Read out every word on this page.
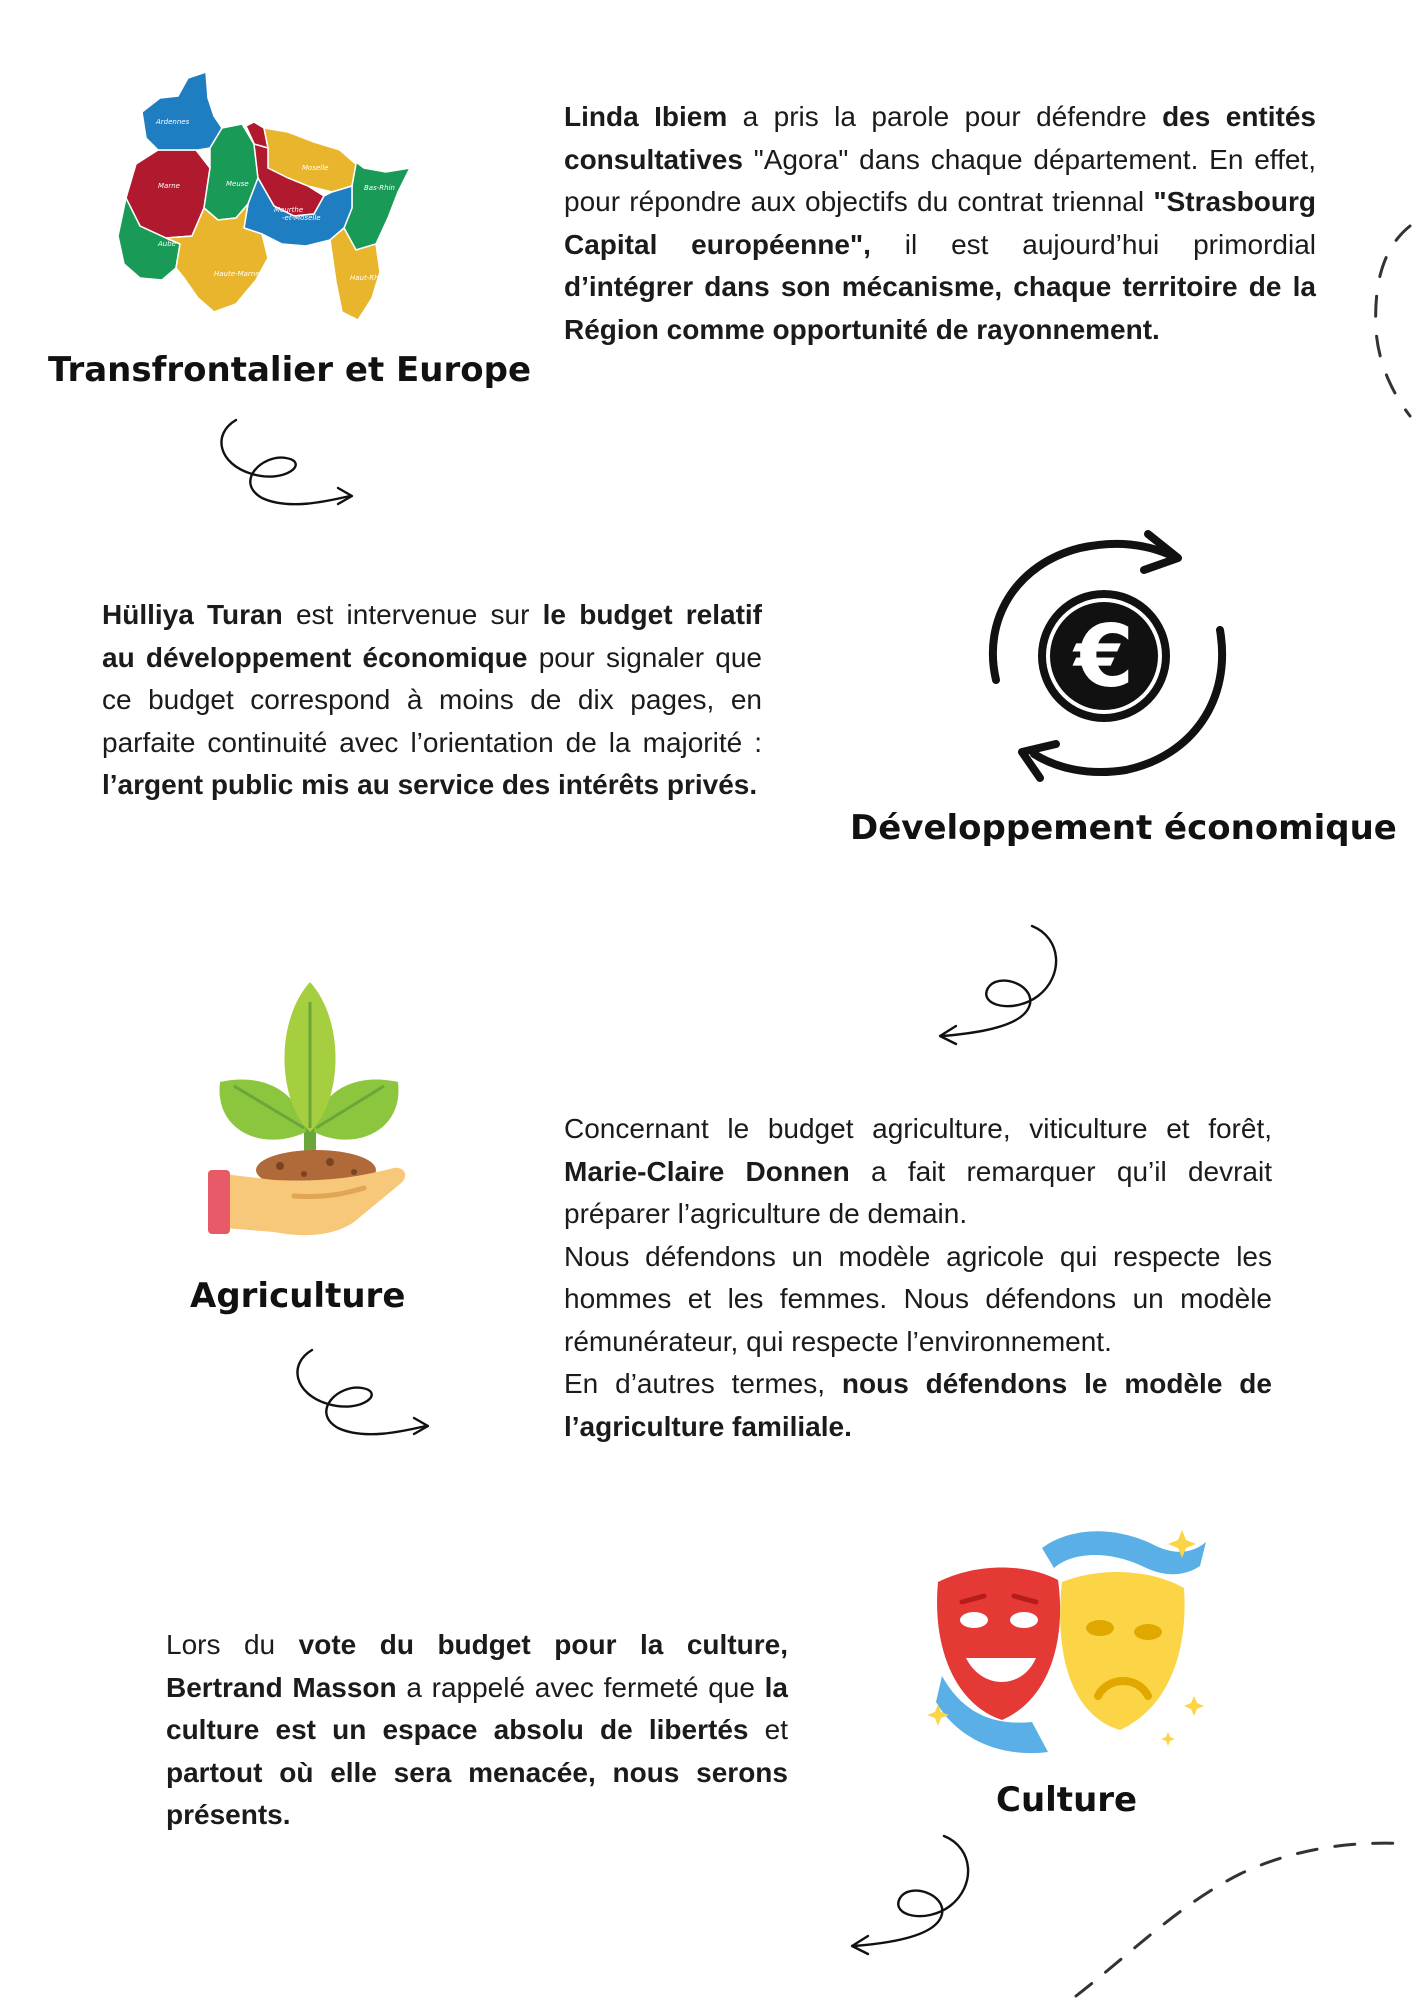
Ardennes
Marne	Meuse
Moselle
Bas-Rhin
Meurthe
-et-Moselle
Aube
Vosges
Haute-Marne	Haut-Rhin
Transfrontalier et Europe
Linda Ibiem a pris la parole pour défendre des entités consultatives "Agora" dans chaque département. En effet, pour répondre aux objectifs du contrat triennal "Strasbourg Capital européenne", il est aujourd’hui primordial d’intégrer dans son mécanisme, chaque territoire de la Région comme opportunité de rayonnement.
Hülliya Turan est intervenue sur le budget relatif au développement économique pour signaler que ce budget correspond à moins de dix pages, en parfaite continuité avec l’orientation de la majorité : l’argent public mis au service des intérêts privés.
€
Développement économique
Agriculture
Concernant le budget agriculture, viticulture et forêt, Marie-Claire Donnen a fait remarquer qu’il devrait préparer l’agriculture de demain.
Nous défendons un modèle agricole qui respecte les hommes et les femmes. Nous défendons un modèle rémunérateur, qui respecte l’environnement.
En d’autres termes, nous défendons le modèle de l’agriculture familiale.
Lors du vote du budget pour la culture, Bertrand Masson a rappelé avec fermeté que la culture est un espace absolu de libertés et partout où elle sera menacée, nous serons présents.	Culture
